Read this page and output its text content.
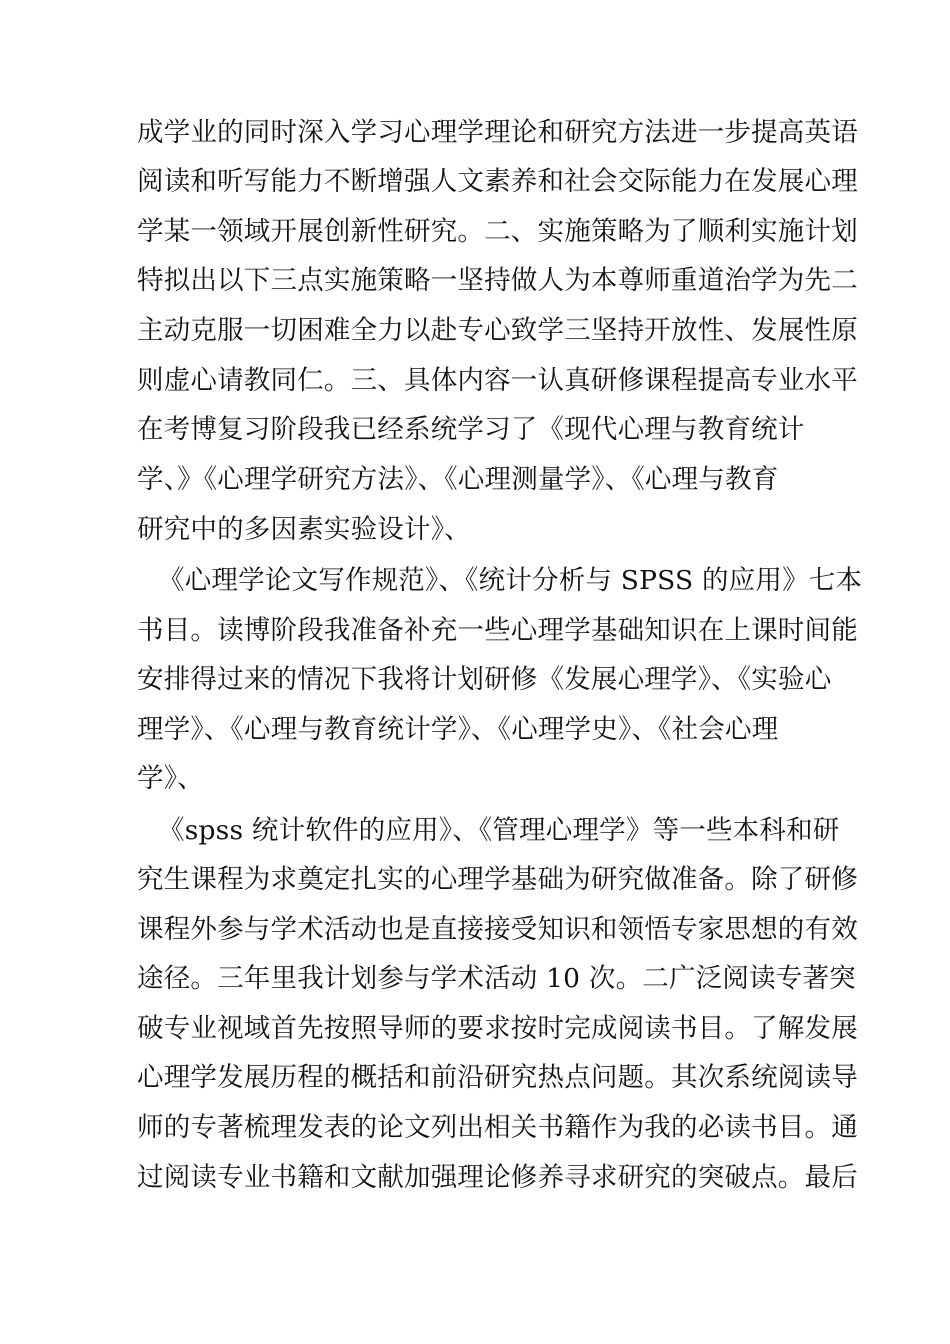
成学业的同时深入学习心理学理论和研究方法进一步提高英语
阅读和听写能力不断增强人文素养和社会交际能力在发展心理
学某一领域开展创新性研究。二、实施策略为了顺利实施计划
特拟出以下三点实施策略一坚持做人为本尊师重道治学为先二
主动克服一切困难全力以赴专心致学三坚持开放性、发展性原
则虚心请教同仁。三、具体内容一认真研修课程提高专业水平
在考博复习阶段我已经系统学习了《现代心理与教育统计
学、》《心理学研究方法》、《心理测量学》、《心理与教育
研究中的多因素实验设计》、
《心理学论文写作规范》、《统计分析与 SPSS 的应用》七本
书目。读博阶段我准备补充一些心理学基础知识在上课时间能
安排得过来的情况下我将计划研修《发展心理学》、《实验心
理学》、《心理与教育统计学》、《心理学史》、《社会心理
学》、
《spss 统计软件的应用》、《管理心理学》等一些本科和研
究生课程为求奠定扎实的心理学基础为研究做准备。除了研修
课程外参与学术活动也是直接接受知识和领悟专家思想的有效
途径。三年里我计划参与学术活动 10 次。二广泛阅读专著突
破专业视域首先按照导师的要求按时完成阅读书目。了解发展
心理学发展历程的概括和前沿研究热点问题。其次系统阅读导
师的专著梳理发表的论文列出相关书籍作为我的必读书目。通
过阅读专业书籍和文献加强理论修养寻求研究的突破点。最后
